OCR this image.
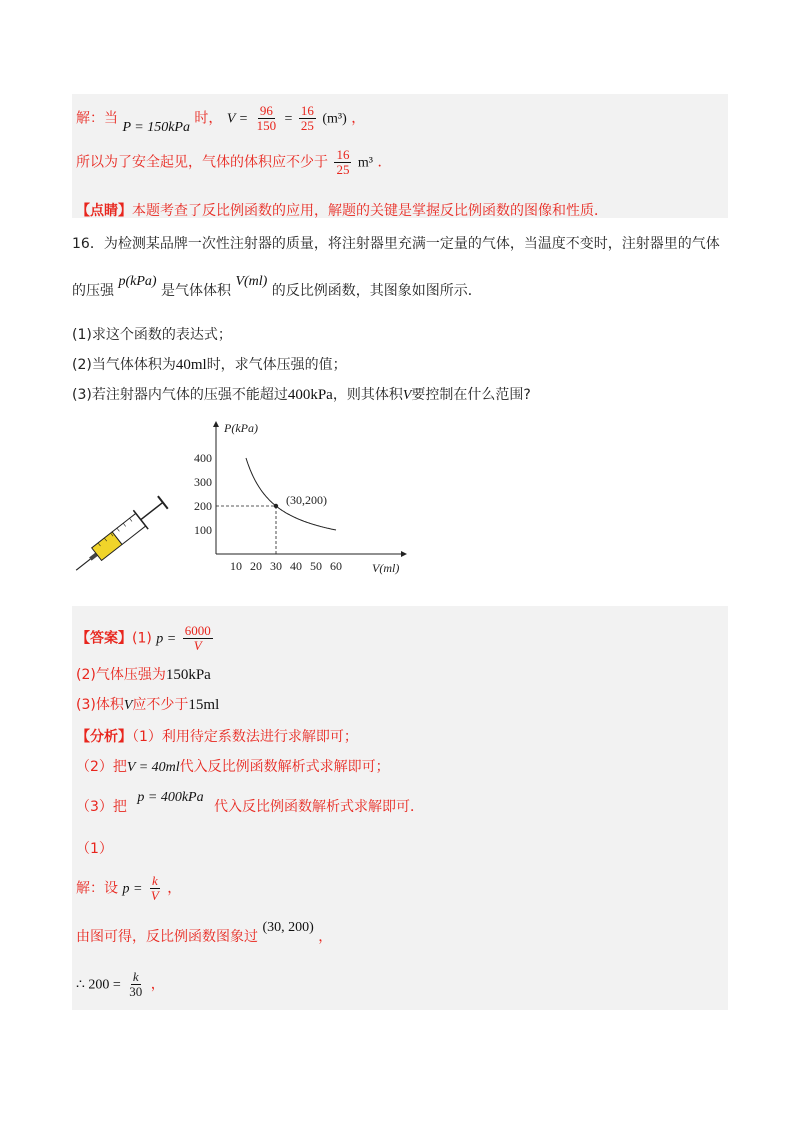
解：当 P = 150kPa 时， $V = \frac{96}{150} = \frac{16}{25} (m^3)$ ，
所以为了安全起见，气体的体积应不少于 $\frac{16}{25} m^3$ ．
【点睛】本题考查了反比例函数的应用，解题的关键是掌握反比例函数的图像和性质．
16．为检测某品牌一次性注射器的质量，将注射器里充满一定量的气体，当温度不变时，注射器里的气体
的压强 p(kPa) 是气体体积 V(ml) 的反比例函数，其图象如图所示．
(1)求这个函数的表达式；
(2)当气体体积为40ml时，求气体压强的值；
(3)若注射器内气体的压强不能超过400kPa，则其体积V要控制在什么范围?
P(kPa)
V(ml)
10 20 30 40 50 60
100
200
300
400
(30,200)
【答案】(1) $p = \frac{6000}{V}$
(2)气体压强为150kPa
(3)体积V应不少于15ml
【分析】（1）利用待定系数法进行求解即可；
（2）把V = 40ml代入反比例函数解析式求解即可；
（3）把 p = 400kPa 代入反比例函数解析式求解即可．
（1）
解：设 $p = \frac{k}{V}$ ，
由图可得，反比例函数图象过 (30, 200) ，
∴ $200 = \frac{k}{30}$ ，
